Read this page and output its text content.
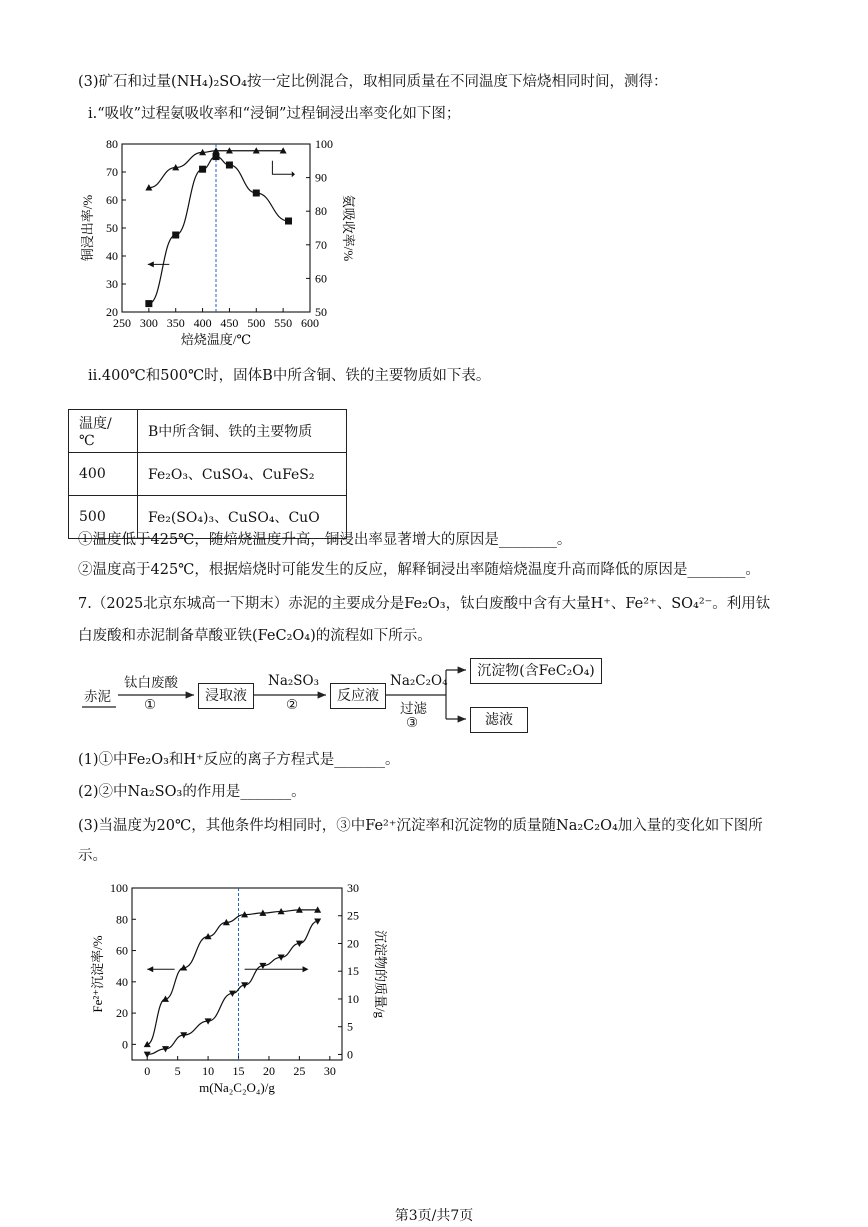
(3)矿石和过量(NH₄)₂SO₄按一定比例混合，取相同质量在不同温度下焙烧相同时间，测得：
ⅰ.“吸收”过程氨吸收率和“浸铜”过程铜浸出率变化如下图；
250 300 350 400 450 500 550 600
20
30
40
50
60
70
80
50
60
70
80
90
100
焙烧温度/℃
铜浸出率/%	氨吸收率/%
ⅱ.400℃和500℃时，固体B中所含铜、铁的主要物质如下表。
温度/℃	B中所含铜、铁的主要物质
400	Fe₂O₃、CuSO₄、CuFeS₂
500	Fe₂(SO₄)₃、CuSO₄、CuO
①温度低于425℃，随焙烧温度升高，铜浸出率显著增大的原因是________。
②温度高于425℃，根据焙烧时可能发生的反应，解释铜浸出率随焙烧温度升高而降低的原因是________。
7.（2025北京东城高一下期末）赤泥的主要成分是Fe₂O₃，钛白废酸中含有大量H⁺、Fe²⁺、SO₄²⁻。利用钛
白废酸和赤泥制备草酸亚铁(FeC₂O₄)的流程如下所示。
赤泥
钛白废酸
①
浸取液
Na₂SO₃
②
反应液
Na₂C₂O₄
过滤
③
沉淀物(含FeC₂O₄)
滤液
(1)①中Fe₂O₃和H⁺反应的离子方程式是_______。
(2)②中Na₂SO₃的作用是_______。
(3)当温度为20℃，其他条件均相同时，③中Fe²⁺沉淀率和沉淀物的质量随Na₂C₂O₄加入量的变化如下图所
示。
0 5 10 15 20 25 30
0
20
40
60
80
100
0
5
10
15
20
25
30
m(Na₂C₂O₄)/g
Fe²⁺沉淀率/%	沉淀物的质量/g
第3页/共7页
